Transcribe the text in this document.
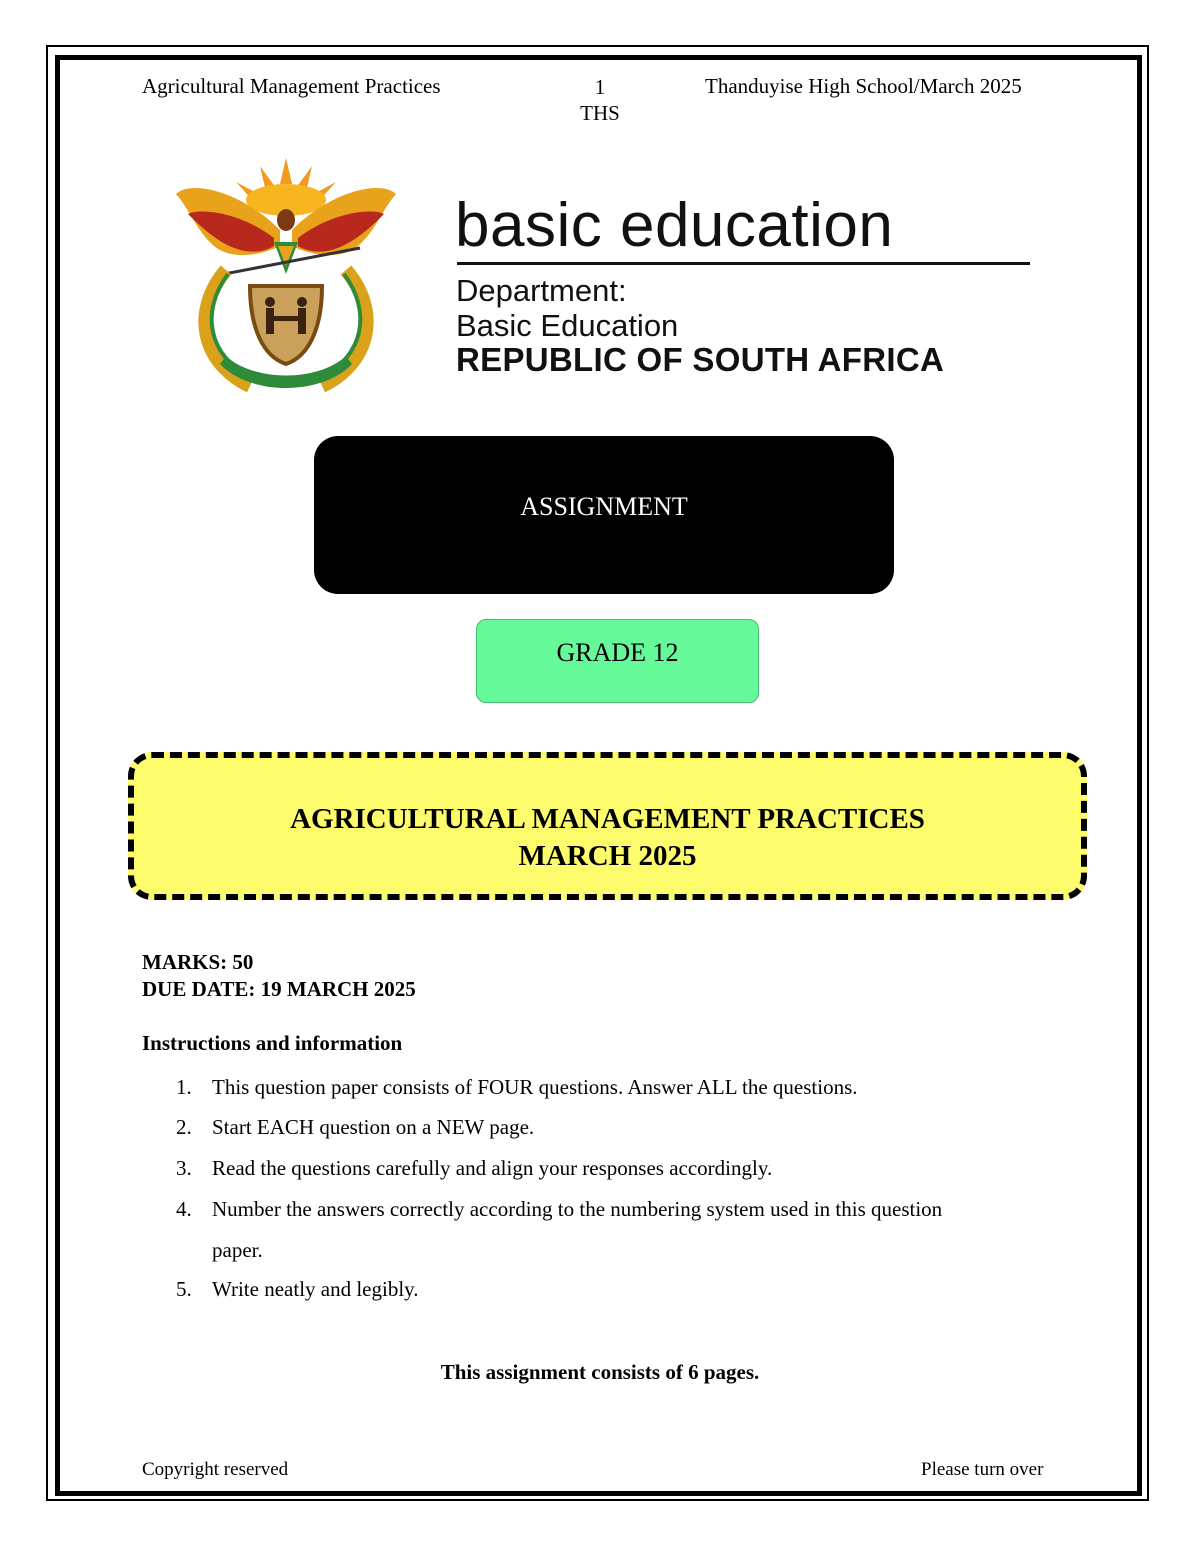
Agricultural Management Practices	1
THS
Thanduyise High School/March 2025
basic education
Department:
Basic Education
REPUBLIC OF SOUTH AFRICA
ASSIGNMENT
GRADE 12
AGRICULTURAL MANAGEMENT PRACTICES
MARCH 2025
MARKS: 50
DUE DATE: 19 MARCH 2025
Instructions and information
1. This question paper consists of FOUR questions. Answer ALL the questions.
2. Start EACH question on a NEW page.
3. Read the questions carefully and align your responses accordingly.
4. Number the answers correctly according to the numbering system used in this question
paper.
5. Write neatly and legibly.
This assignment consists of 6 pages.
Copyright reserved	Please turn over
